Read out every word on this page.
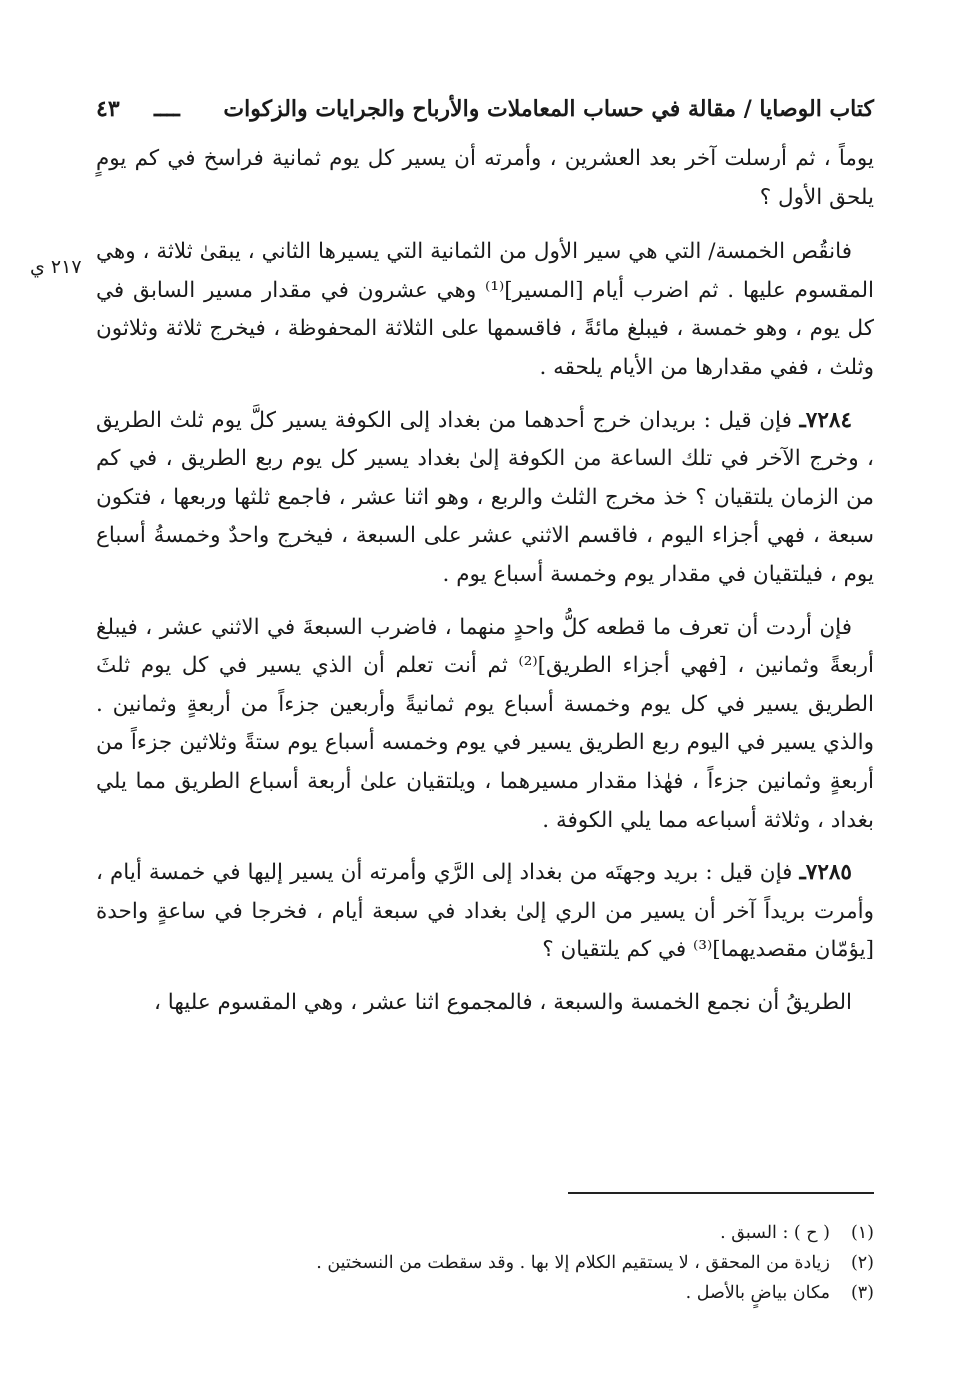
كتاب الوصايا / مقالة في حساب المعاملات والأرباح والجرايات والزكوات
ــــ
٤٣
٢١٧ ي

يوماً ، ثم أرسلت آخر بعد العشرين ، وأمرته أن يسير كل يوم ثمانية فراسخ في كم يومٍ يلحق الأول ؟

فانقُص الخمسة/ التي هي سير الأول من الثمانية التي يسيرها الثاني ، يبقىٰ ثلاثة ، وهي المقسوم عليها . ثم اضرب أيام [المسير]⁽¹⁾ وهي عشرون في مقدار مسير السابق في كل يوم ، وهو خمسة ، فيبلغ مائةً ، فاقسمها على الثلاثة المحفوظة ، فيخرج ثلاثة وثلاثون وثلث ، ففي مقدارها من الأيام يلحقه .

٧٢٨٤ـ فإن قيل : بريدان خرج أحدهما من بغداد إلى الكوفة يسير كلَّ يوم ثلث الطريق ، وخرج الآخر في تلك الساعة من الكوفة إلىٰ بغداد يسير كل يوم ربع الطريق ، في كم من الزمان يلتقيان ؟ خذ مخرج الثلث والربع ، وهو اثنا عشر ، فاجمع ثلثها وربعها ، فتكون سبعة ، فهي أجزاء اليوم ، فاقسم الاثني عشر على السبعة ، فيخرج واحدٌ وخمسةُ أسباع يوم ، فيلتقيان في مقدار يوم وخمسة أسباع يوم .

فإن أردت أن تعرف ما قطعه كلُّ واحدٍ منهما ، فاضرب السبعةَ في الاثني عشر ، فيبلغ أربعةً وثمانين ، [فهي أجزاء الطريق]⁽²⁾ ثم أنت تعلم أن الذي يسير في كل يوم ثلثَ الطريق يسير في كل يوم وخمسة أسباع يوم ثمانيةً وأربعين جزءاً من أربعةٍ وثمانين . والذي يسير في اليوم ربع الطريق يسير في يوم وخمسه أسباع يوم ستةً وثلاثين جزءاً من أربعةٍ وثمانين جزءاً ، فهٰذا مقدار مسيرهما ، ويلتقيان علىٰ أربعة أسباع الطريق مما يلي بغداد ، وثلاثة أسباعه مما يلي الكوفة .

٧٢٨٥ـ فإن قيل : بريد وجهتَه من بغداد إلى الرَّي وأمرته أن يسير إليها في خمسة أيام ، وأمرت بريداً آخر أن يسير من الري إلىٰ بغداد في سبعة أيام ، فخرجا في ساعةٍ واحدة [يؤمّان مقصديهما]⁽³⁾ في كم يلتقيان ؟

الطريقُ أن نجمع الخمسة والسبعة ، فالمجموع اثنا عشر ، وهي المقسوم عليها ،

(١)
( ح ) : السبق .
(٢)
زيادة من المحقق ، لا يستقيم الكلام إلا بها . وقد سقطت من النسختين .
(٣)
مكان بياضٍ بالأصل .
